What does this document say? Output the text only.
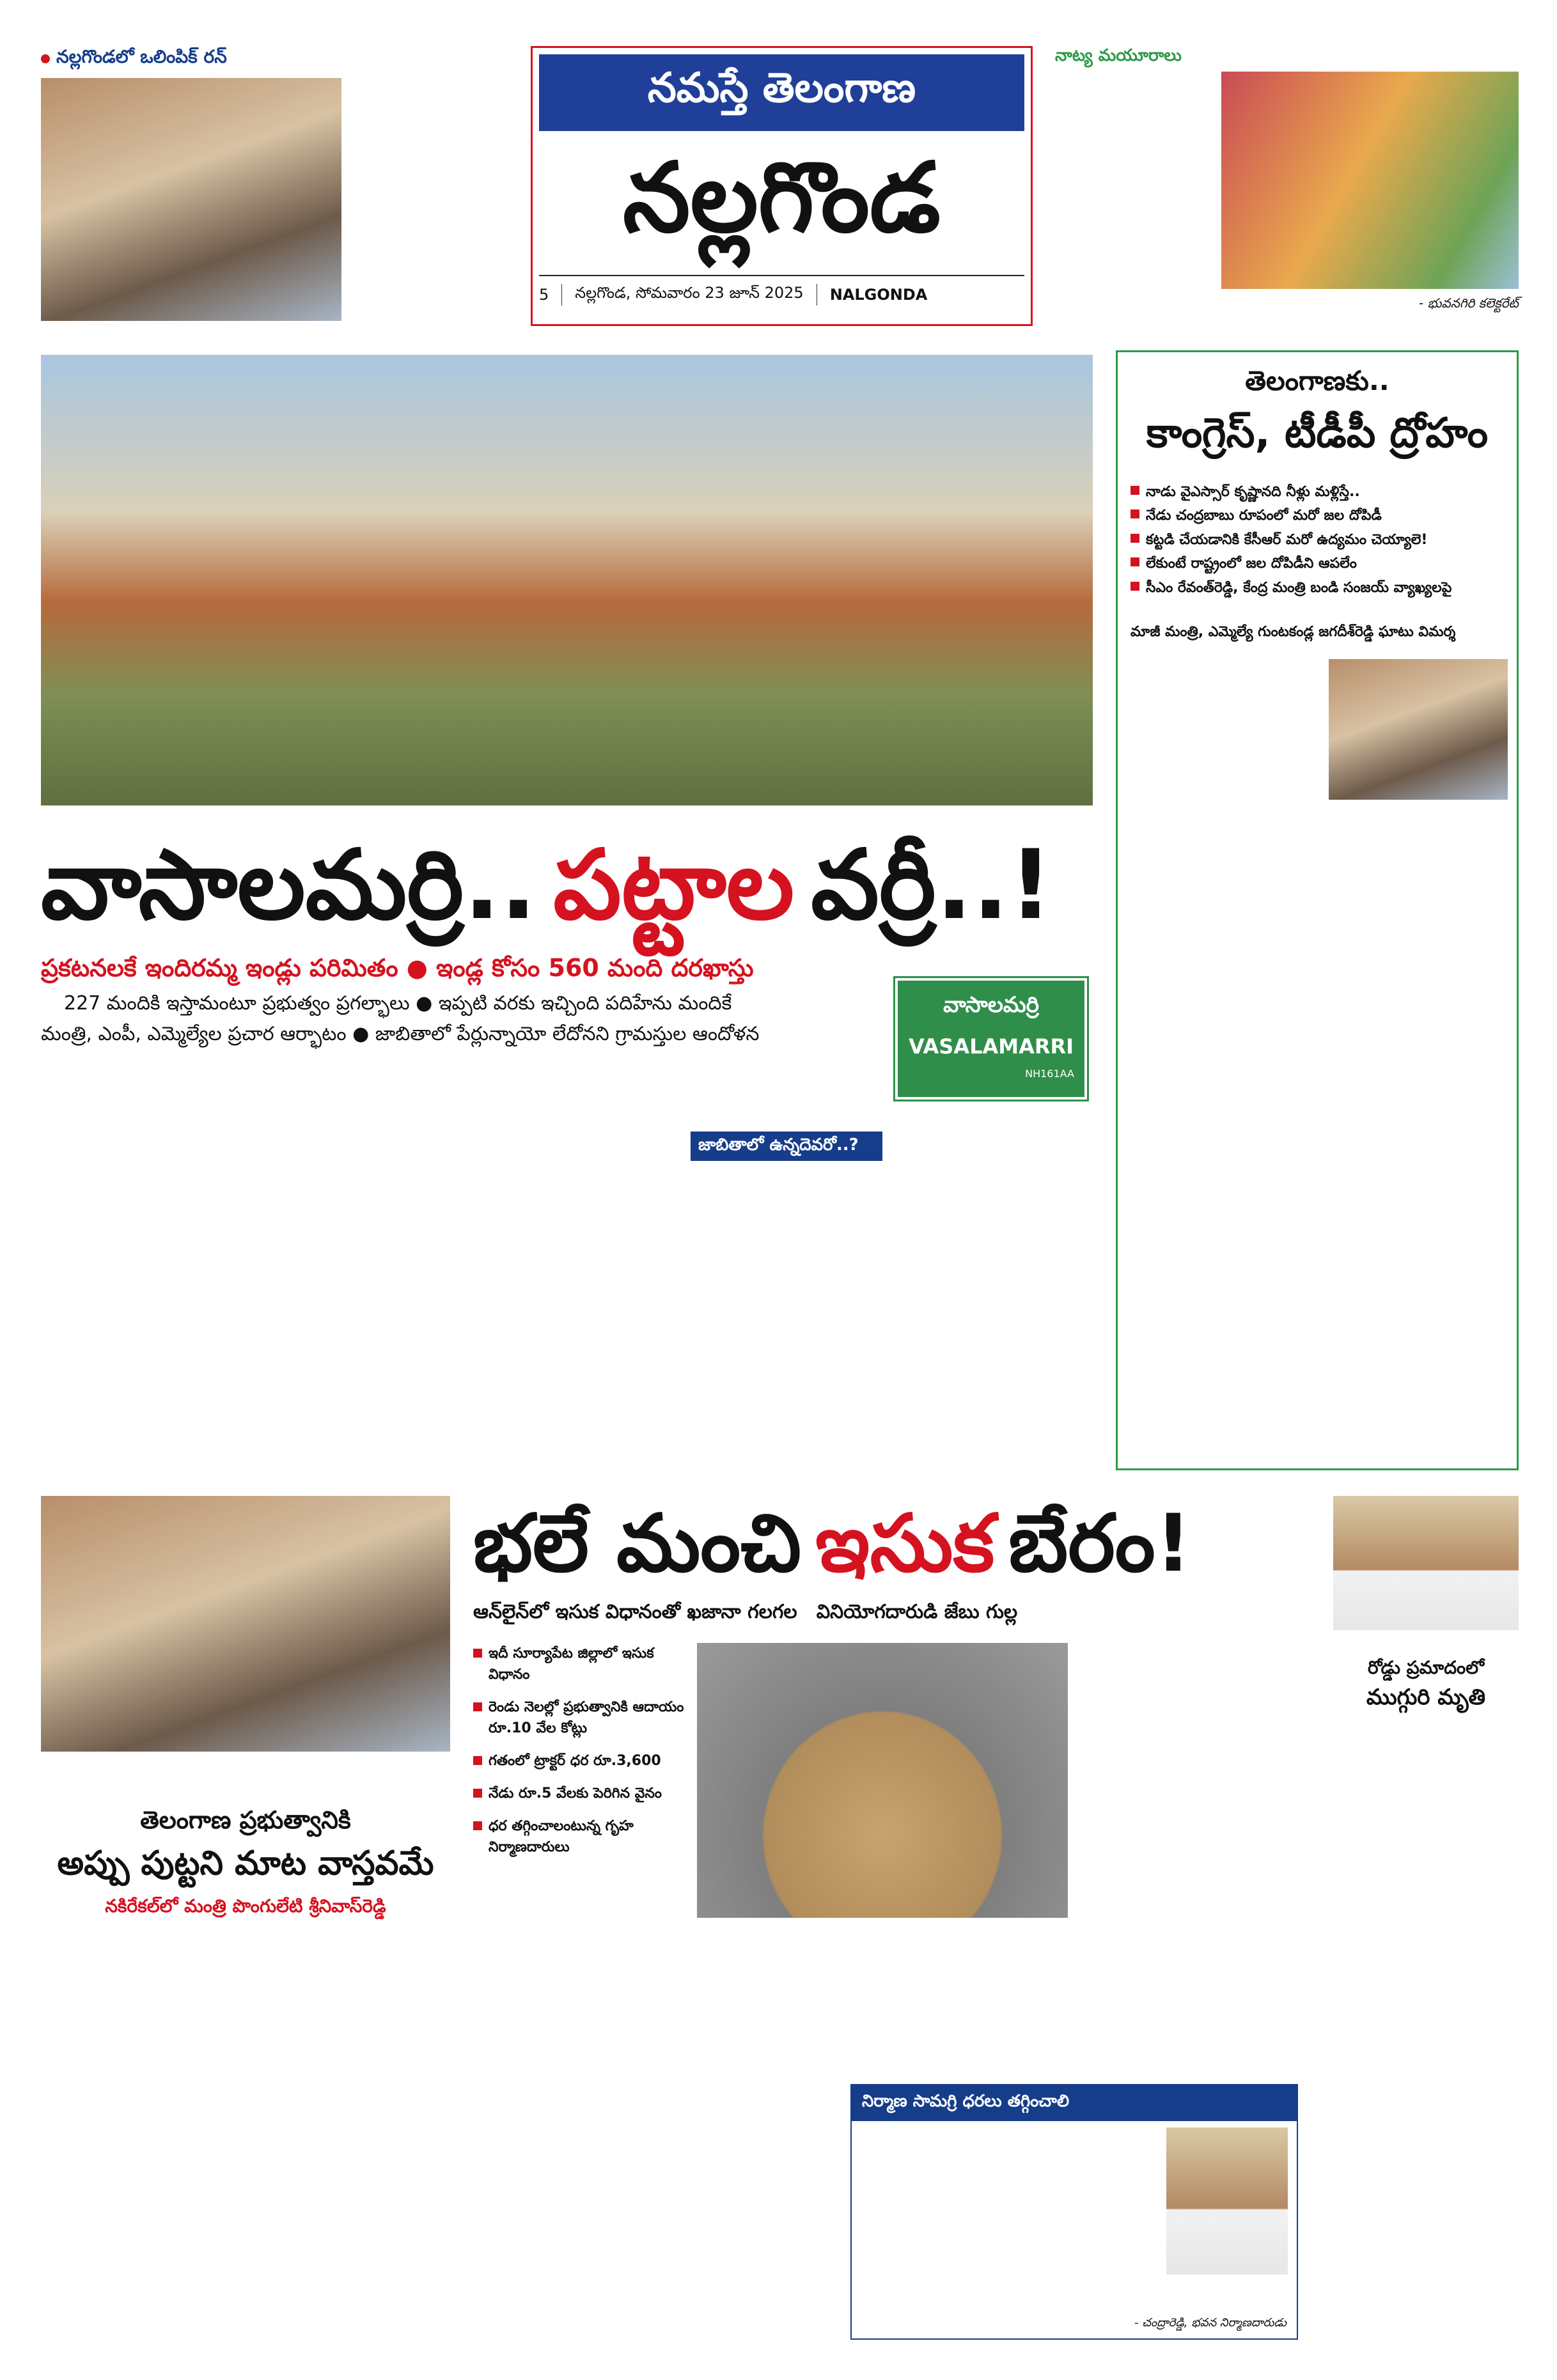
నల్లగొండలో ఒలింపిక్ రన్
నమస్తే తెలంగాణ
నల్లగొండ
5 నల్లగొండ, సోమవారం 23 జూన్ 2025 NALGONDA
నాట్య మయూరాలు
- భువనగిరి కలెక్టరేట్
వాసాలమర్రి.. పట్టాల వర్రీ..!
ప్రకటనలకే ఇందిరమ్మ ఇండ్లు పరిమితం ● ఇండ్ల కోసం 560 మంది దరఖాస్తు
227 మందికి ఇస్తామంటూ ప్రభుత్వం ప్రగల్భాలు ● ఇప్పటి వరకు ఇచ్చింది పదిహేను మందికే
మంత్రి, ఎంపీ, ఎమ్మెల్యేల ప్రచార ఆర్భాటం ● జాబితాలో పేర్లున్నాయో లేదోనని గ్రామస్తుల ఆందోళన
వాసాలమర్రి
VASALAMARRI
NH161AA
జాబితాలో ఉన్నదెవరో..?
తెలంగాణకు..
కాంగ్రెస్, టీడీపీ ద్రోహం
నాడు వైఎస్సార్ కృష్ణానది నీళ్లు మళ్లిస్తే..
నేడు చంద్రబాబు రూపంలో మరో జల దోపిడీ
కట్టడి చేయడానికి కేసీఆర్ మరో ఉద్యమం చెయ్యాలె!
లేకుంటే రాష్ట్రంలో జల దోపిడీని ఆపలేం
సీఎం రేవంత్‌రెడ్డి, కేంద్ర మంత్రి బండి సంజయ్ వ్యాఖ్యలపై
మాజీ మంత్రి, ఎమ్మెల్యే గుంటకండ్ల జగదీశ్‌రెడ్డి ఘాటు విమర్శ
తెలంగాణ ప్రభుత్వానికి
అప్పు పుట్టని మాట వాస్తవమే
నకిరేకల్‌లో మంత్రి పొంగులేటి శ్రీనివాస్‌రెడ్డి
భలే మంచి ఇసుక బేరం!
ఆన్‌లైన్‌లో ఇసుక విధానంతో ఖజానా గలగల వినియోగదారుడి జేబు గుల్ల
ఇదీ సూర్యాపేట జిల్లాలో ఇసుక విధానం
రెండు నెలల్లో ప్రభుత్వానికి ఆదాయం రూ.10 వేల కోట్లు
గతంలో ట్రాక్టర్ ధర రూ.3,600
నేడు రూ.5 వేలకు పెరిగిన వైనం
ధర తగ్గించాలంటున్న గృహ నిర్మాణదారులు
నిర్మాణ సామగ్రి ధరలు తగ్గించాలి
- చంద్రారెడ్డి, భవన నిర్మాణదారుడు
రోడ్డు ప్రమాదంలో
ముగ్గురి మృతి
